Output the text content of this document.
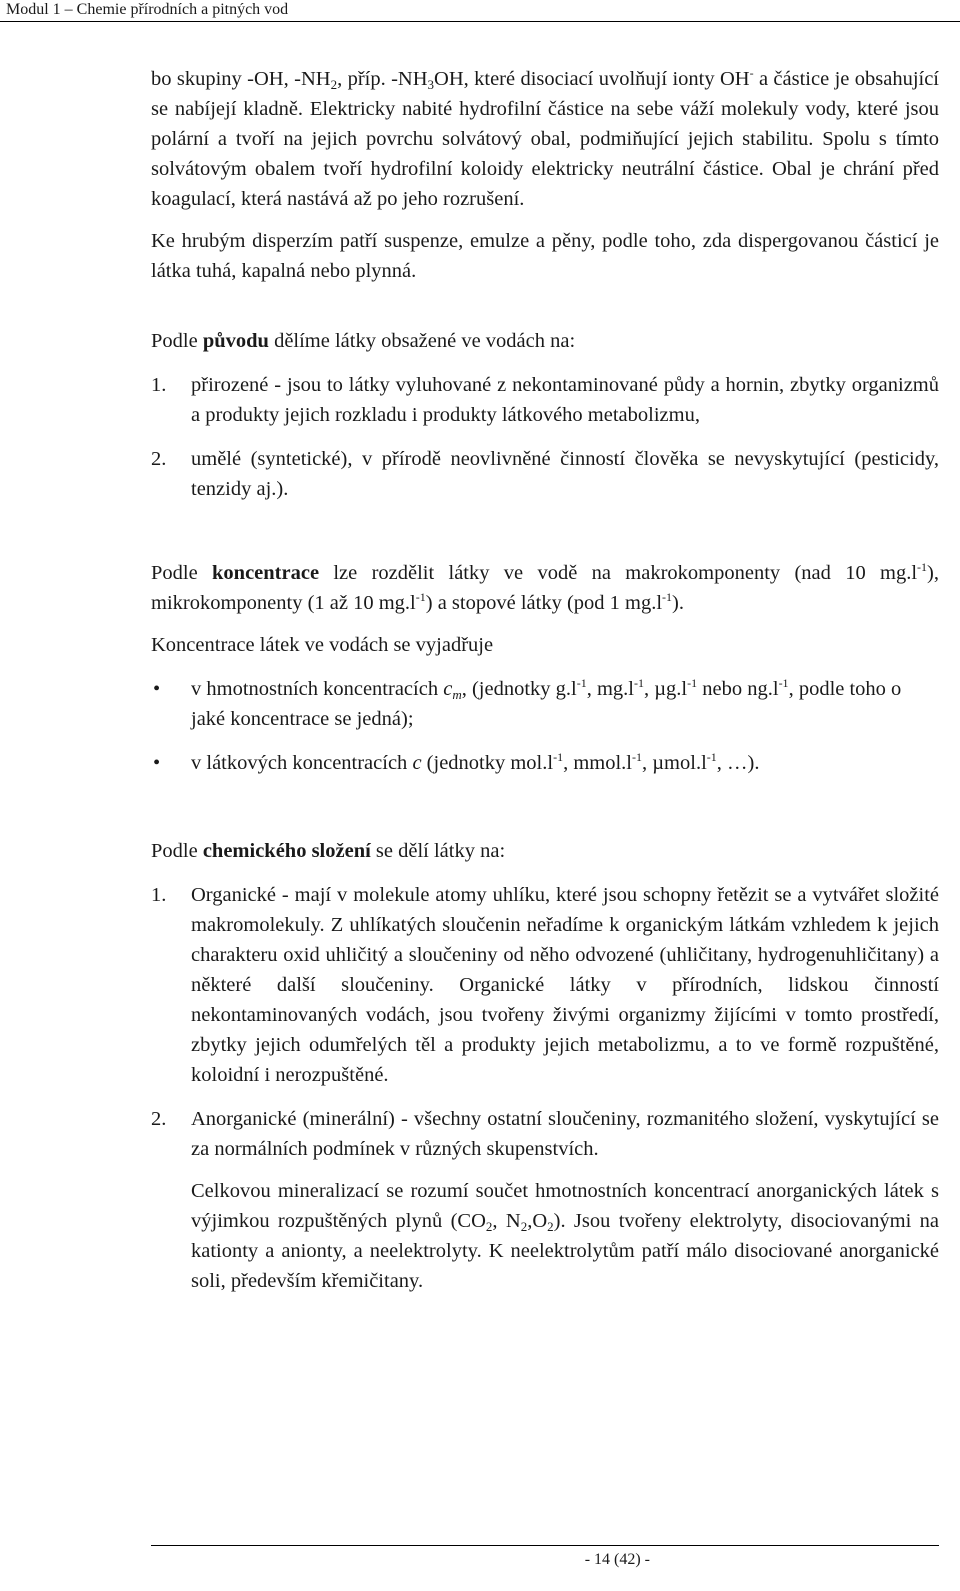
Modul 1 – Chemie přírodních a pitných vod

bo skupiny -OH, $-NH_2$, příp. $-NH_3OH$, které disociací uvolňují ionty OH- a částice je obsahující se nabíjejí kladně. Elektricky nabité hydrofilní částice na sebe váží molekuly vody, které jsou polární a tvoří na jejich povrchu solvátový obal, podmiňující jejich stabilitu. Spolu s tímto solvátovým obalem tvoří hydrofilní koloidy elektricky neutrální částice. Obal je chrání před koagulací, která nastává až po jeho rozrušení.

Ke hrubým disperzím patří suspenze, emulze a pěny, podle toho, zda dispergovanou částicí je látka tuhá, kapalná nebo plynná.

Podle původu dělíme látky obsažené ve vodách na:

1. přirozené - jsou to látky vyluhované z nekontaminované půdy a hornin, zbytky organizmů a produkty jejich rozkladu i produkty látkového metabolizmu,
2. umělé (syntetické), v přírodě neovlivněné činností člověka se nevyskytující (pesticidy, tenzidy aj.).

Podle koncentrace lze rozdělit látky ve vodě na makrokomponenty (nad 10 $mg.l^{-1}$), mikrokomponenty (1 až 10 $mg.l^{-1}$) a stopové látky (pod 1 $mg.l^{-1}$).

Koncentrace látek ve vodách se vyjadřuje

• v hmotnostních koncentracích $c_m$, (jednotky $g.l^{-1}$, $mg.l^{-1}$, $\mu g.l^{-1}$ nebo $ng.l^{-1}$, podle toho o jaké koncentrace se jedná);
• v látkových koncentracích c (jednotky $mol.l^{-1}$, $mmol.l^{-1}$, $\mu mol.l^{-1}$, …).

Podle chemického složení se dělí látky na:

1. Organické - mají v molekule atomy uhlíku, které jsou schopny řetězit se a vytvářet složité makromolekuly. Z uhlíkatých sloučenin neřadíme k organickým látkám vzhledem k jejich charakteru oxid uhličitý a sloučeniny od něho odvozené (uhličitany, hydrogenuhličitany) a některé další sloučeniny. Organické látky v přírodních, lidskou činností nekontaminovaných vodách, jsou tvořeny živými organizmy žijícími v tomto prostředí, zbytky jejich odumřelých těl a produkty jejich metabolizmu, a to ve formě rozpuštěné, koloidní i nerozpuštěné.
2. Anorganické (minerální) - všechny ostatní sloučeniny, rozmanitého složení, vyskytující se za normálních podmínek v různých skupenstvích.

Celkovou mineralizací se rozumí součet hmotnostních koncentrací anorganických látek s výjimkou rozpuštěných plynů ($CO_2$, $N_2,O_2$). Jsou tvořeny elektrolyty, disociovanými na kationty a anionty, a neelektrolyty. K neelektrolytům patří málo disociované anorganické soli, především křemičitany.

- 14 (42) -
